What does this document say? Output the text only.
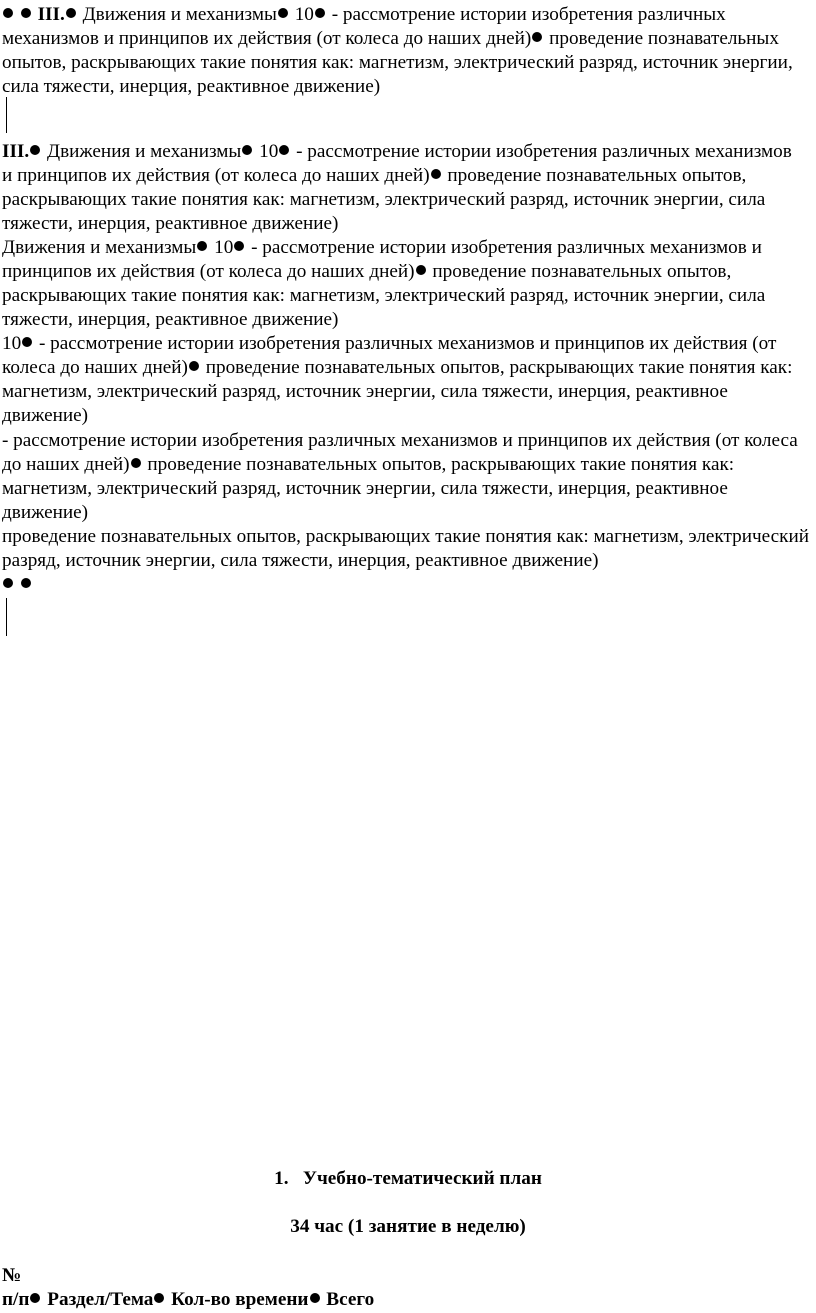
III. Движения и механизмы 10 - рассмотрение истории изобретения различных механизмов и принципов их действия (от колеса до наших дней) проведение познавательных опытов, раскрывающих такие понятия как: магнетизм, электрический разряд, источник энергии, сила тяжести, инерция, реактивное движение)

III. Движения и механизмы 10 - рассмотрение истории изобретения различных механизмов и принципов их действия (от колеса до наших дней) проведение познавательных опытов, раскрывающих такие понятия как: магнетизм, электрический разряд, источник энергии, сила тяжести, инерция, реактивное движение)

Движения и механизмы 10 - рассмотрение истории изобретения различных механизмов и принципов их действия (от колеса до наших дней) проведение познавательных опытов, раскрывающих такие понятия как: магнетизм, электрический разряд, источник энергии, сила тяжести, инерция, реактивное движение)

10 - рассмотрение истории изобретения различных механизмов и принципов их действия (от колеса до наших дней) проведение познавательных опытов, раскрывающих такие понятия как: магнетизм, электрический разряд, источник энергии, сила тяжести, инерция, реактивное движение)

- рассмотрение истории изобретения различных механизмов и принципов их действия (от колеса до наших дней) проведение познавательных опытов, раскрывающих такие понятия как: магнетизм, электрический разряд, источник энергии, сила тяжести, инерция, реактивное движение)

проведение познавательных опытов, раскрывающих такие понятия как: магнетизм, электрический разряд, источник энергии, сила тяжести, инерция, реактивное движение)

1. Учебно-тематический план
34 час (1 занятие в неделю)
№
п/п Раздел/Тема Кол-во времени Всего
